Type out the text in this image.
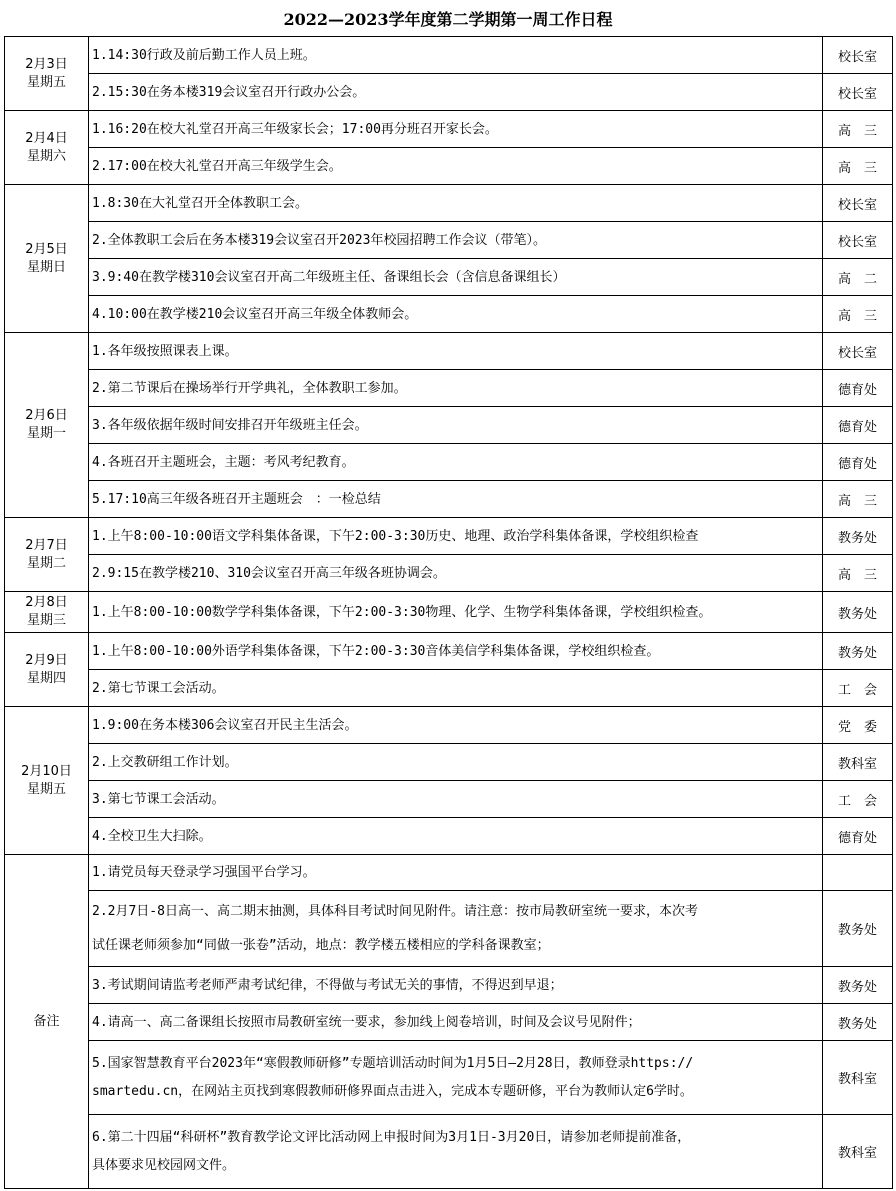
2022—2023学年度第二学期第一周工作日程
2月3日
星期五	1.14:30行政及前后勤工作人员上班。	校长室
	2.15:30在务本楼319会议室召开行政办公会。	校长室

2月4日
星期六	1.16:20在校大礼堂召开高三年级家长会；17:00再分班召开家长会。	高　三
	2.17:00在校大礼堂召开高三年级学生会。	高　三

2月5日
星期日	1.8:30在大礼堂召开全体教职工会。	校长室
	2.全体教职工会后在务本楼319会议室召开2023年校园招聘工作会议（带笔）。	校长室
	3.9:40在教学楼310会议室召开高二年级班主任、备课组长会（含信息备课组长）	高　二
	4.10:00在教学楼210会议室召开高三年级全体教师会。	高　三

2月6日
星期一	1.各年级按照课表上课。	校长室
	2.第二节课后在操场举行开学典礼，全体教职工参加。	德育处
	3.各年级依据年级时间安排召开年级班主任会。	德育处
	4.各班召开主题班会，主题：考风考纪教育。	德育处
	5.17:10高三年级各班召开主题班会　：一检总结	高　三

2月7日
星期二	1.上午8:00-10:00语文学科集体备课，下午2:00-3:30历史、地理、政治学科集体备课，学校组织检查	教务处
	2.9:15在教学楼210、310会议室召开高三年级各班协调会。	高　三

2月8日
星期三	1.上午8:00-10:00数学学科集体备课，下午2:00-3:30物理、化学、生物学科集体备课，学校组织检查。	教务处

2月9日
星期四	1.上午8:00-10:00外语学科集体备课，下午2:00-3:30音体美信学科集体备课，学校组织检查。	教务处
	2.第七节课工会活动。	工　会

2月10日
星期五	1.9:00在务本楼306会议室召开民主生活会。	党　委
	2.上交教研组工作计划。	教科室
	3.第七节课工会活动。	工　会
	4.全校卫生大扫除。	德育处
备注	1.请党员每天登录学习强国平台学习。	

	2.2月7日-8日高一、高二期末抽测，具体科目考试时间见附件。请注意：按市局教研室统一要求，本次考
试任课老师须参加“同做一张卷”活动，地点：教学楼五楼相应的学科备课教室；	教务处

	3.考试期间请监考老师严肃考试纪律，不得做与考试无关的事情，不得迟到早退；	教务处

	4.请高一、高二备课组长按照市局教研室统一要求，参加线上阅卷培训，时间及会议号见附件；	教务处

	5.国家智慧教育平台2023年“寒假教师研修”专题培训活动时间为1月5日—2月28日，教师登录https://
smartedu.cn，在网站主页找到寒假教师研修界面点击进入，完成本专题研修，平台为教师认定6学时。	教科室

	6.第二十四届“科研杯”教育教学论文评比活动网上申报时间为3月1日-3月20日，请参加老师提前准备，
具体要求见校园网文件。	教科室
